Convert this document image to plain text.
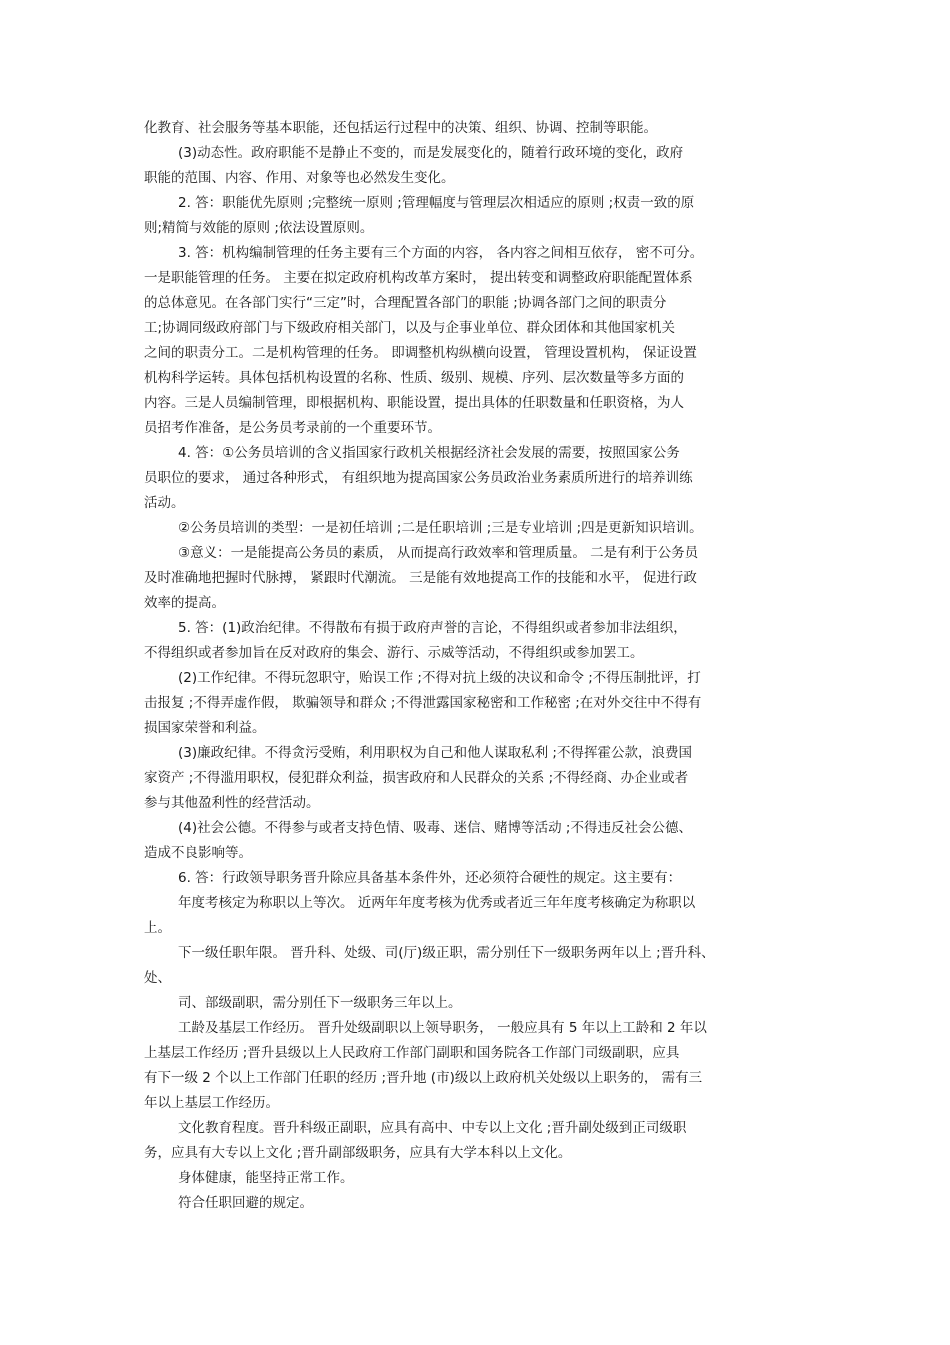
化教育、社会服务等基本职能，还包括运行过程中的决策、组织、协调、控制等职能。
(3)动态性。政府职能不是静止不变的，而是发展变化的，随着行政环境的变化，政府
职能的范围、内容、作用、对象等也必然发生变化。
2. 答：职能优先原则 ;完整统一原则 ;管理幅度与管理层次相适应的原则 ;权责一致的原
则;精简与效能的原则 ;依法设置原则。
3. 答：机构编制管理的任务主要有三个方面的内容， 各内容之间相互依存， 密不可分。
一是职能管理的任务。 主要在拟定政府机构改革方案时， 提出转变和调整政府职能配置体系
的总体意见。在各部门实行“三定”时，合理配置各部门的职能 ;协调各部门之间的职责分
工;协调同级政府部门与下级政府相关部门，以及与企事业单位、群众团体和其他国家机关
之间的职责分工。二是机构管理的任务。 即调整机构纵横向设置， 管理设置机构， 保证设置
机构科学运转。具体包括机构设置的名称、性质、级别、规模、序列、层次数量等多方面的
内容。三是人员编制管理，即根据机构、职能设置，提出具体的任职数量和任职资格，为人
员招考作准备，是公务员考录前的一个重要环节。
4. 答：①公务员培训的含义指国家行政机关根据经济社会发展的需要，按照国家公务
员职位的要求， 通过各种形式， 有组织地为提高国家公务员政治业务素质所进行的培养训练
活动。
②公务员培训的类型：一是初任培训 ;二是任职培训 ;三是专业培训 ;四是更新知识培训。
③意义：一是能提高公务员的素质， 从而提高行政效率和管理质量。 二是有利于公务员
及时准确地把握时代脉搏， 紧跟时代潮流。 三是能有效地提高工作的技能和水平， 促进行政
效率的提高。
5. 答：(1)政治纪律。不得散布有损于政府声誉的言论，不得组织或者参加非法组织，
不得组织或者参加旨在反对政府的集会、游行、示威等活动，不得组织或参加罢工。
(2)工作纪律。不得玩忽职守，贻误工作 ;不得对抗上级的决议和命令 ;不得压制批评，打
击报复 ;不得弄虚作假， 欺骗领导和群众 ;不得泄露国家秘密和工作秘密 ;在对外交往中不得有
损国家荣誉和利益。
(3)廉政纪律。不得贪污受贿，利用职权为自己和他人谋取私利 ;不得挥霍公款，浪费国
家资产 ;不得滥用职权，侵犯群众利益，损害政府和人民群众的关系 ;不得经商、办企业或者
参与其他盈利性的经营活动。
(4)社会公德。不得参与或者支持色情、吸毒、迷信、赌博等活动 ;不得违反社会公德、
造成不良影响等。
6. 答：行政领导职务晋升除应具备基本条件外，还必须符合硬性的规定。这主要有：
年度考核定为称职以上等次。 近两年年度考核为优秀或者近三年年度考核确定为称职以
上。
下一级任职年限。 晋升科、处级、司(厅)级正职，需分别任下一级职务两年以上 ;晋升科、
处、
司、部级副职，需分别任下一级职务三年以上。
工龄及基层工作经历。 晋升处级副职以上领导职务， 一般应具有 5 年以上工龄和 2 年以
上基层工作经历 ;晋升县级以上人民政府工作部门副职和国务院各工作部门司级副职，应具
有下一级 2 个以上工作部门任职的经历 ;晋升地 (市)级以上政府机关处级以上职务的， 需有三
年以上基层工作经历。
文化教育程度。晋升科级正副职，应具有高中、中专以上文化 ;晋升副处级到正司级职
务，应具有大专以上文化 ;晋升副部级职务，应具有大学本科以上文化。
身体健康，能坚持正常工作。
符合任职回避的规定。
